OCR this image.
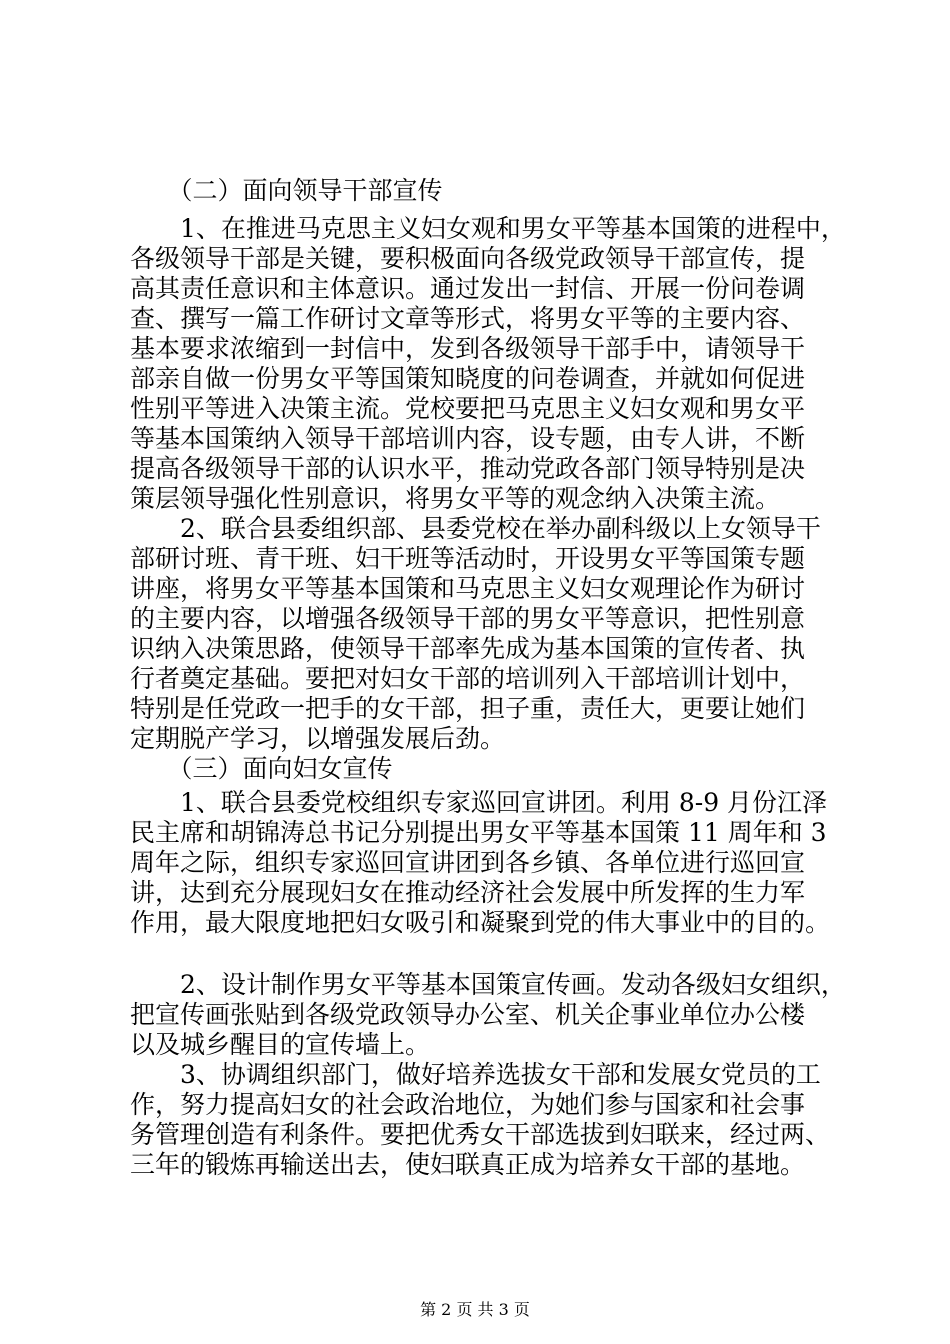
　　（二）面向领导干部宣传
　　1、在推进马克思主义妇女观和男女平等基本国策的进程中，
各级领导干部是关键，要积极面向各级党政领导干部宣传，提
高其责任意识和主体意识。通过发出一封信、开展一份问卷调
查、撰写一篇工作研讨文章等形式，将男女平等的主要内容、
基本要求浓缩到一封信中，发到各级领导干部手中，请领导干
部亲自做一份男女平等国策知晓度的问卷调查，并就如何促进
性别平等进入决策主流。党校要把马克思主义妇女观和男女平
等基本国策纳入领导干部培训内容，设专题，由专人讲，不断
提高各级领导干部的认识水平，推动党政各部门领导特别是决
策层领导强化性别意识，将男女平等的观念纳入决策主流。
　　2、联合县委组织部、县委党校在举办副科级以上女领导干
部研讨班、青干班、妇干班等活动时，开设男女平等国策专题
讲座，将男女平等基本国策和马克思主义妇女观理论作为研讨
的主要内容，以增强各级领导干部的男女平等意识，把性别意
识纳入决策思路，使领导干部率先成为基本国策的宣传者、执
行者奠定基础。要把对妇女干部的培训列入干部培训计划中，
特别是任党政一把手的女干部，担子重，责任大，更要让她们
定期脱产学习，以增强发展后劲。
　　（三）面向妇女宣传
　　1、联合县委党校组织专家巡回宣讲团。利用 8-9 月份江泽
民主席和胡锦涛总书记分别提出男女平等基本国策 11 周年和 3
周年之际，组织专家巡回宣讲团到各乡镇、各单位进行巡回宣
讲，达到充分展现妇女在推动经济社会发展中所发挥的生力军
作用，最大限度地把妇女吸引和凝聚到党的伟大事业中的目的。
　　2、设计制作男女平等基本国策宣传画。发动各级妇女组织，
把宣传画张贴到各级党政领导办公室、机关企事业单位办公楼
以及城乡醒目的宣传墙上。
　　3、协调组织部门，做好培养选拔女干部和发展女党员的工
作，努力提高妇女的社会政治地位，为她们参与国家和社会事
务管理创造有利条件。要把优秀女干部选拔到妇联来，经过两、
三年的锻炼再输送出去，使妇联真正成为培养女干部的基地。
第 2 页 共 3 页
